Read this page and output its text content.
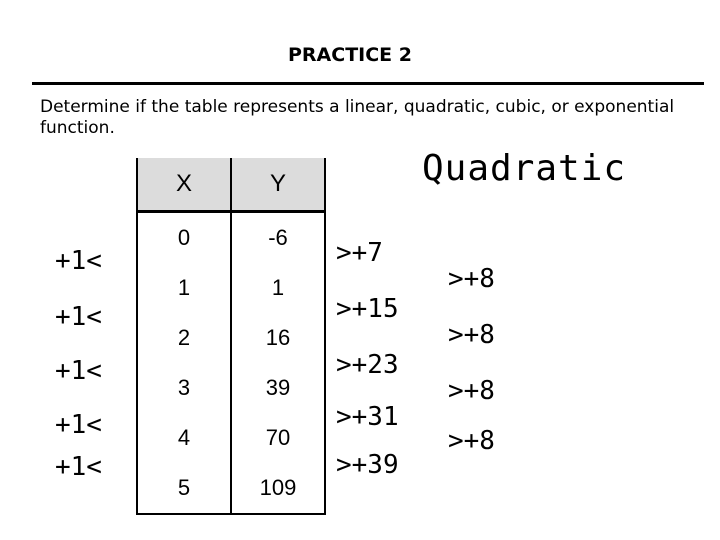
PRACTICE 2
Determine if the table represents a linear, quadratic, cubic, or exponential function.
Quadratic
X	Y
0	-6
1	1
2	16
3	39
4	70
5	109
+1<
+1<
+1<
+1<
+1<
>+7
>+15
>+23
>+31
>+39
>+8
>+8
>+8
>+8
